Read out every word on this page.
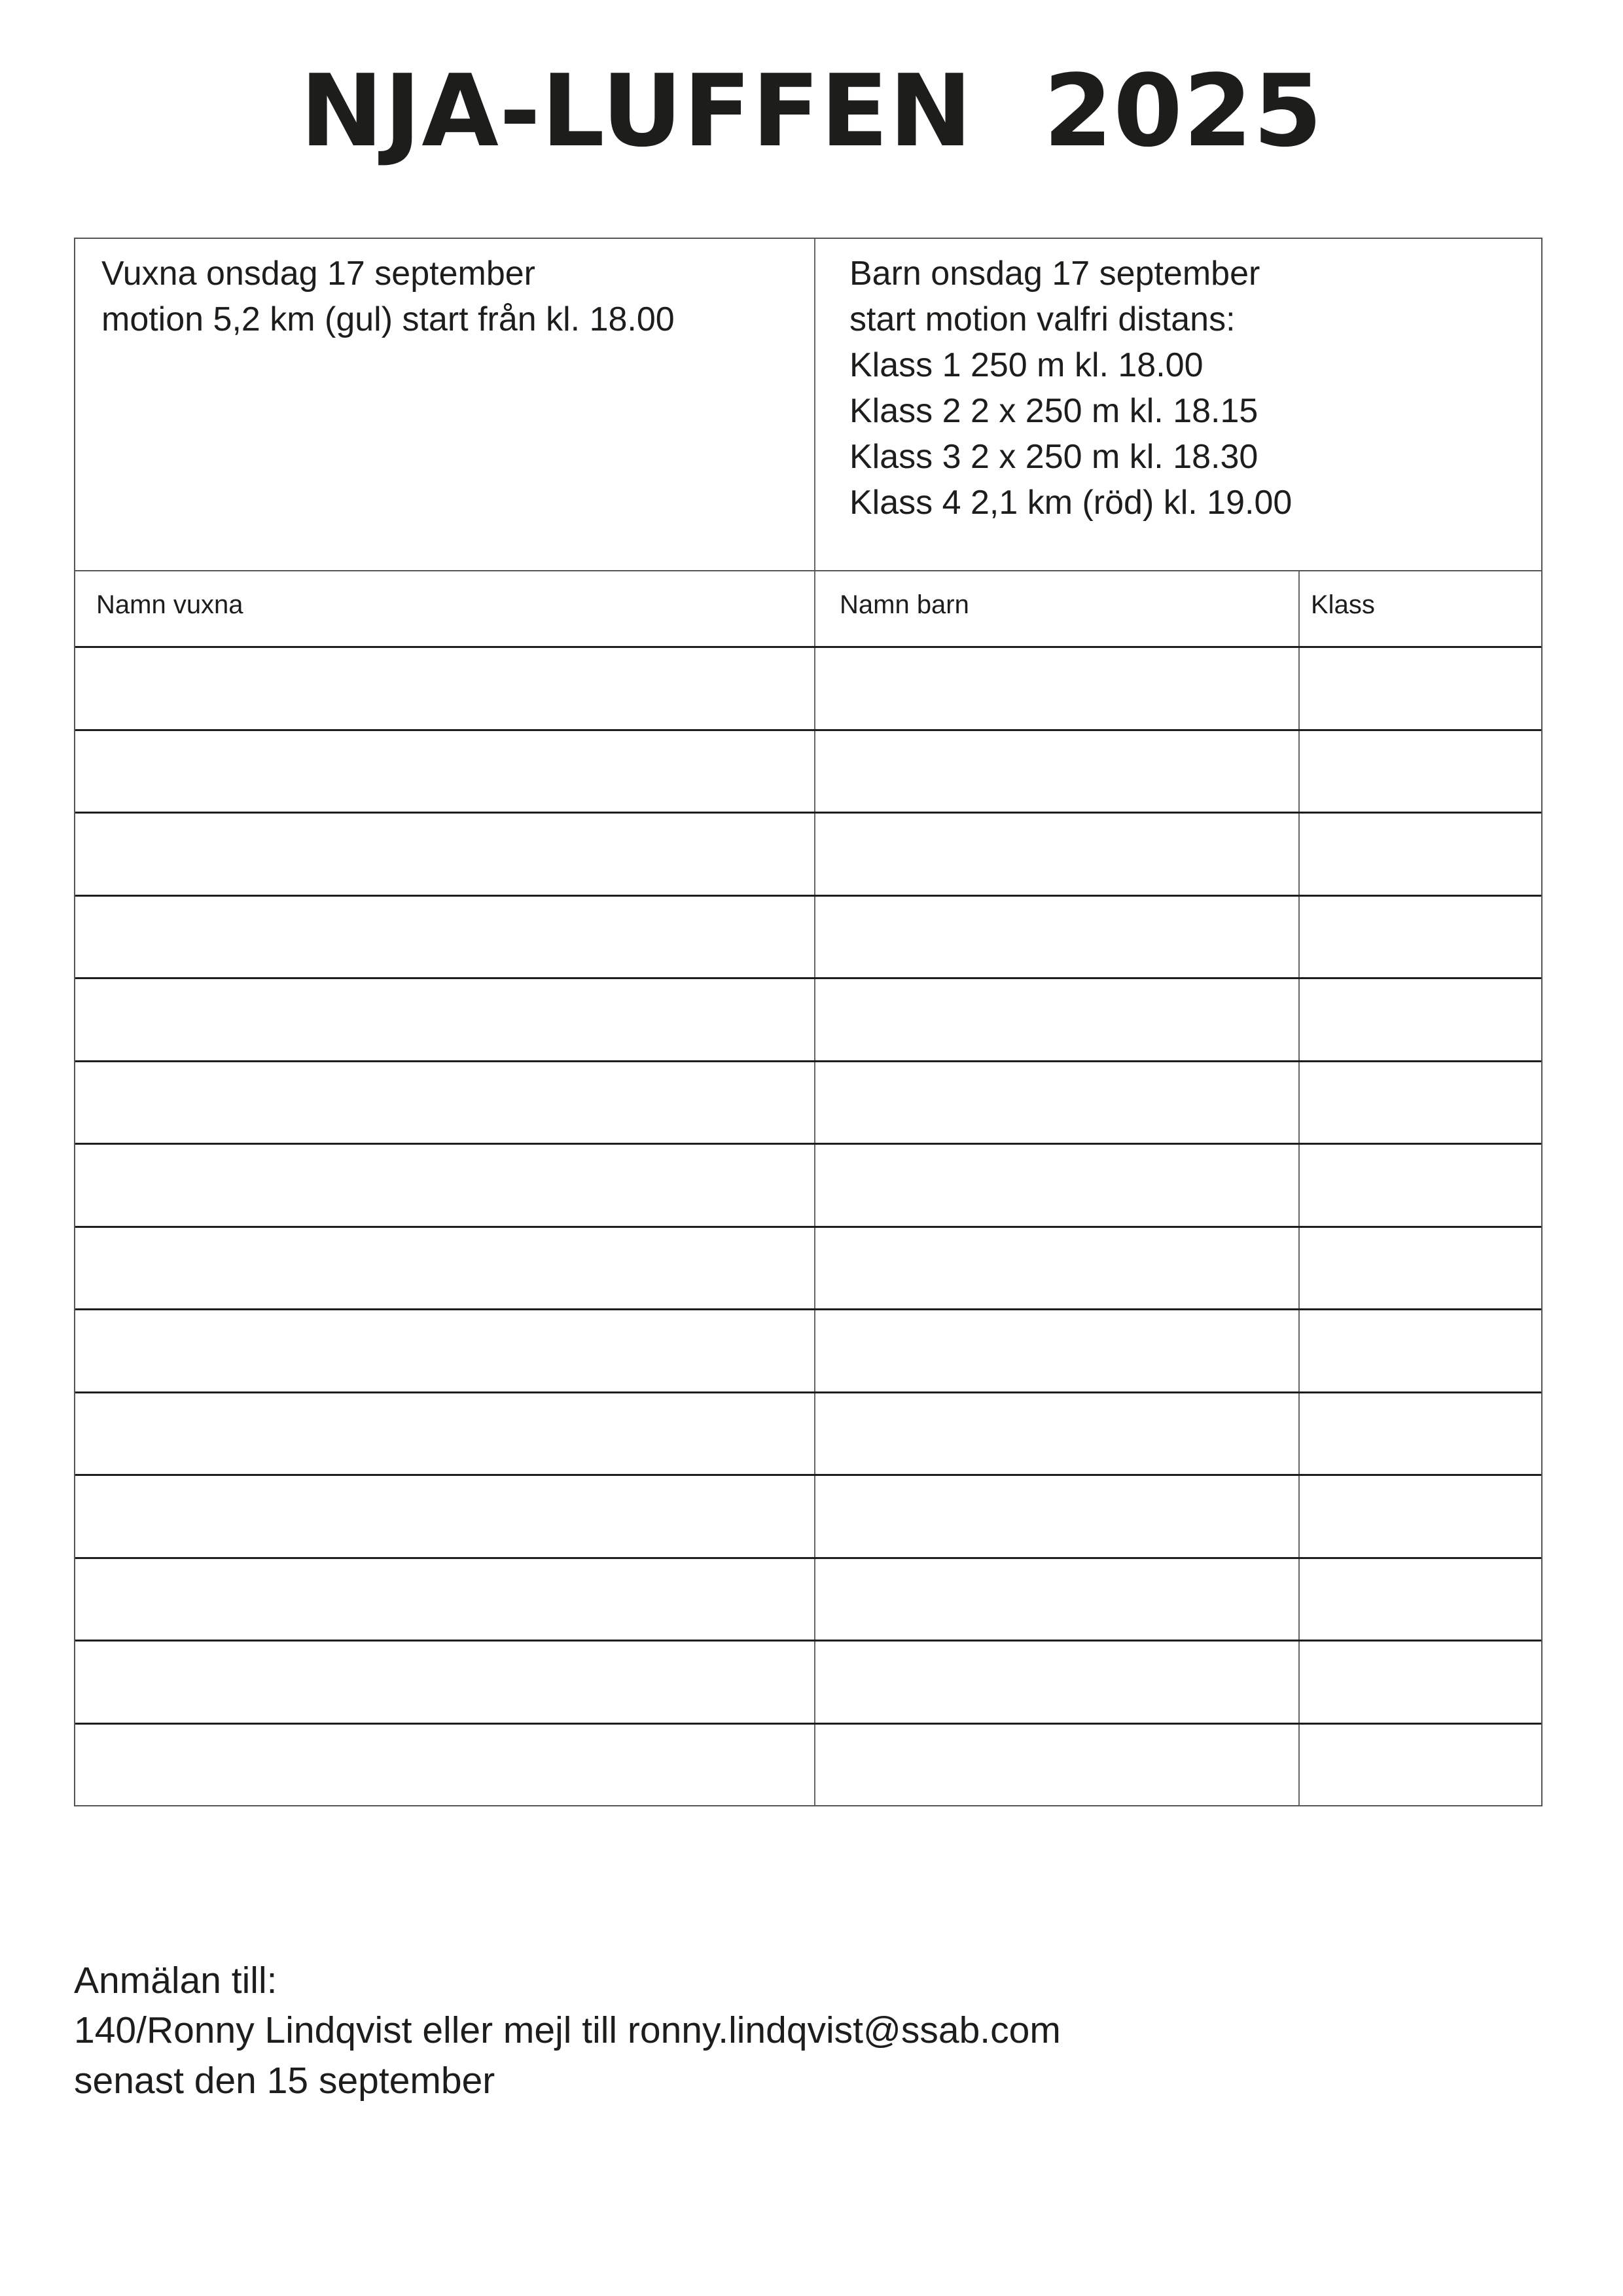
NJA-LUFFEN  2025
Vuxna onsdag 17 september
motion 5,2 km (gul) start från kl. 18.00
Barn onsdag 17 september
start motion valfri distans:
Klass 1 250 m kl. 18.00
Klass 2 2 x 250 m kl. 18.15
Klass 3 2 x 250 m kl. 18.30
Klass 4 2,1 km (röd) kl. 19.00
Namn vuxna	Namn barn	Klass
Anmälan till:
140/Ronny Lindqvist eller mejl till ronny.lindqvist@ssab.com
senast den 15 september
